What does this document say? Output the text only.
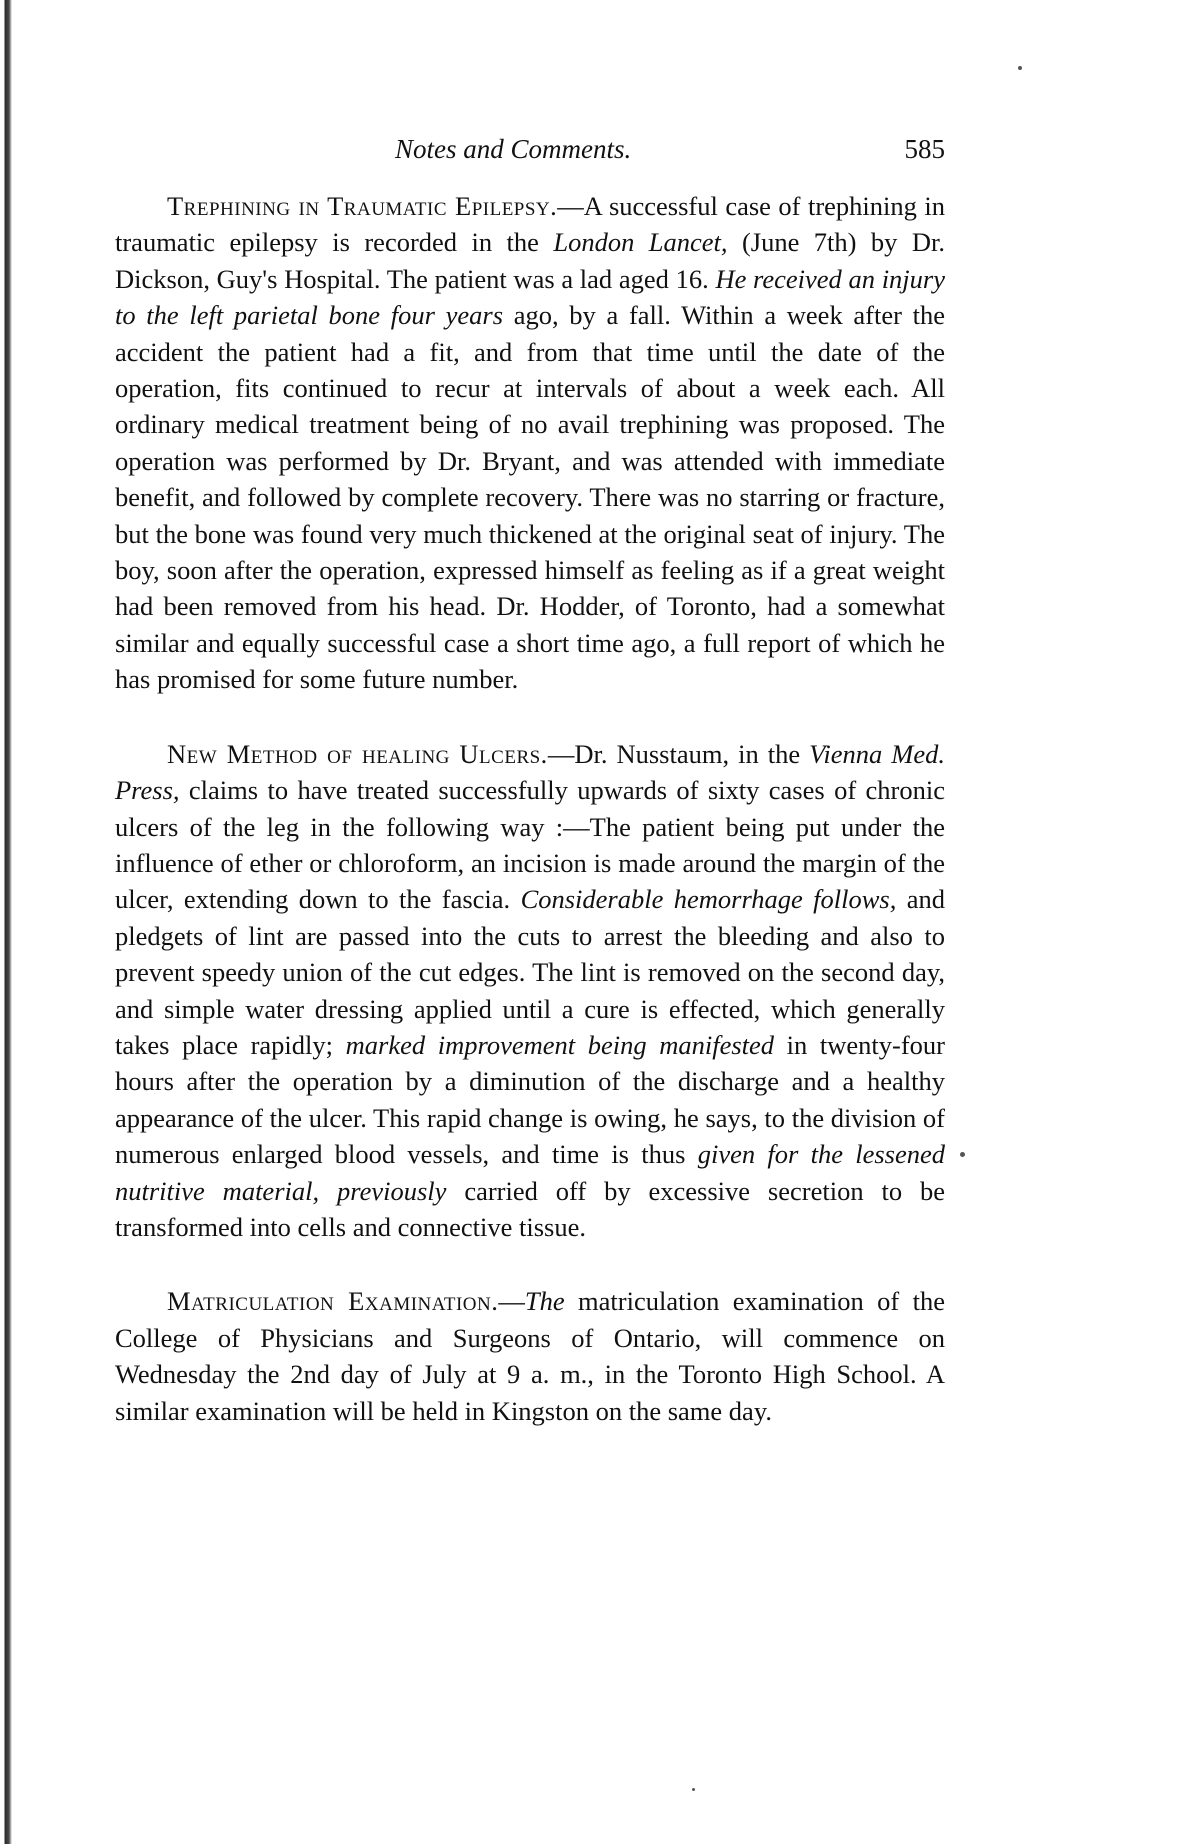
Notes and Comments.	585

Trephining in Traumatic Epilepsy.—A successful case of trephining in traumatic epilepsy is recorded in the London Lancet, (June 7th) by Dr. Dickson, Guy's Hospital. The patient was a lad aged 16. He received an injury to the left parietal bone four years ago, by a fall. Within a week after the accident the patient had a fit, and from that time until the date of the operation, fits continued to recur at intervals of about a week each. All ordinary medical treatment being of no avail trephining was proposed. The operation was performed by Dr. Bryant, and was attended with immediate benefit, and followed by complete recovery. There was no starring or fracture, but the bone was found very much thickened at the original seat of injury. The boy, soon after the operation, expressed himself as feeling as if a great weight had been removed from his head. Dr. Hodder, of Toronto, had a somewhat similar and equally successful case a short time ago, a full report of which he has promised for some future number.

New Method of healing Ulcers.—Dr. Nusstaum, in the Vienna Med. Press, claims to have treated successfully upwards of sixty cases of chronic ulcers of the leg in the following way :—The patient being put under the influence of ether or chloroform, an incision is made around the margin of the ulcer, extending down to the fascia. Considerable hemorrhage follows, and pledgets of lint are passed into the cuts to arrest the bleeding and also to prevent speedy union of the cut edges. The lint is removed on the second day, and simple water dressing applied until a cure is effected, which generally takes place rapidly; marked improvement being manifested in twenty-four hours after the operation by a diminution of the discharge and a healthy appearance of the ulcer. This rapid change is owing, he says, to the division of numerous enlarged blood vessels, and time is thus given for the lessened nutritive material, previously carried off by excessive secretion to be transformed into cells and connective tissue.

Matriculation Examination.—The matriculation examination of the College of Physicians and Surgeons of Ontario, will commence on Wednesday the 2nd day of July at 9 a. m., in the Toronto High School. A similar examination will be held in Kingston on the same day.
